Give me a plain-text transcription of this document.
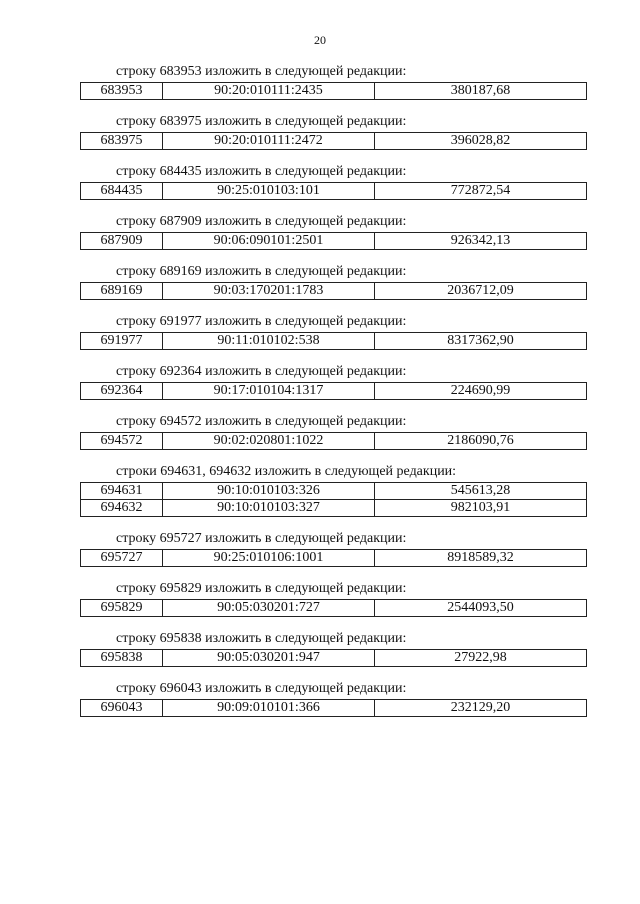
20
строку 683953 изложить в следующей редакции:
683953	90:20:010111:2435	380187,68
строку 683975 изложить в следующей редакции:
683975	90:20:010111:2472	396028,82
строку 684435 изложить в следующей редакции:
684435	90:25:010103:101	772872,54
строку 687909 изложить в следующей редакции:
687909	90:06:090101:2501	926342,13
строку 689169 изложить в следующей редакции:
689169	90:03:170201:1783	2036712,09
строку 691977 изложить в следующей редакции:
691977	90:11:010102:538	8317362,90
строку 692364 изложить в следующей редакции:
692364	90:17:010104:1317	224690,99
строку 694572 изложить в следующей редакции:
694572	90:02:020801:1022	2186090,76
строки 694631, 694632 изложить в следующей редакции:
694631	90:10:010103:326	545613,28
694632	90:10:010103:327	982103,91
строку 695727 изложить в следующей редакции:
695727	90:25:010106:1001	8918589,32
строку 695829 изложить в следующей редакции:
695829	90:05:030201:727	2544093,50
строку 695838 изложить в следующей редакции:
695838	90:05:030201:947	27922,98
строку 696043 изложить в следующей редакции:
696043	90:09:010101:366	232129,20
